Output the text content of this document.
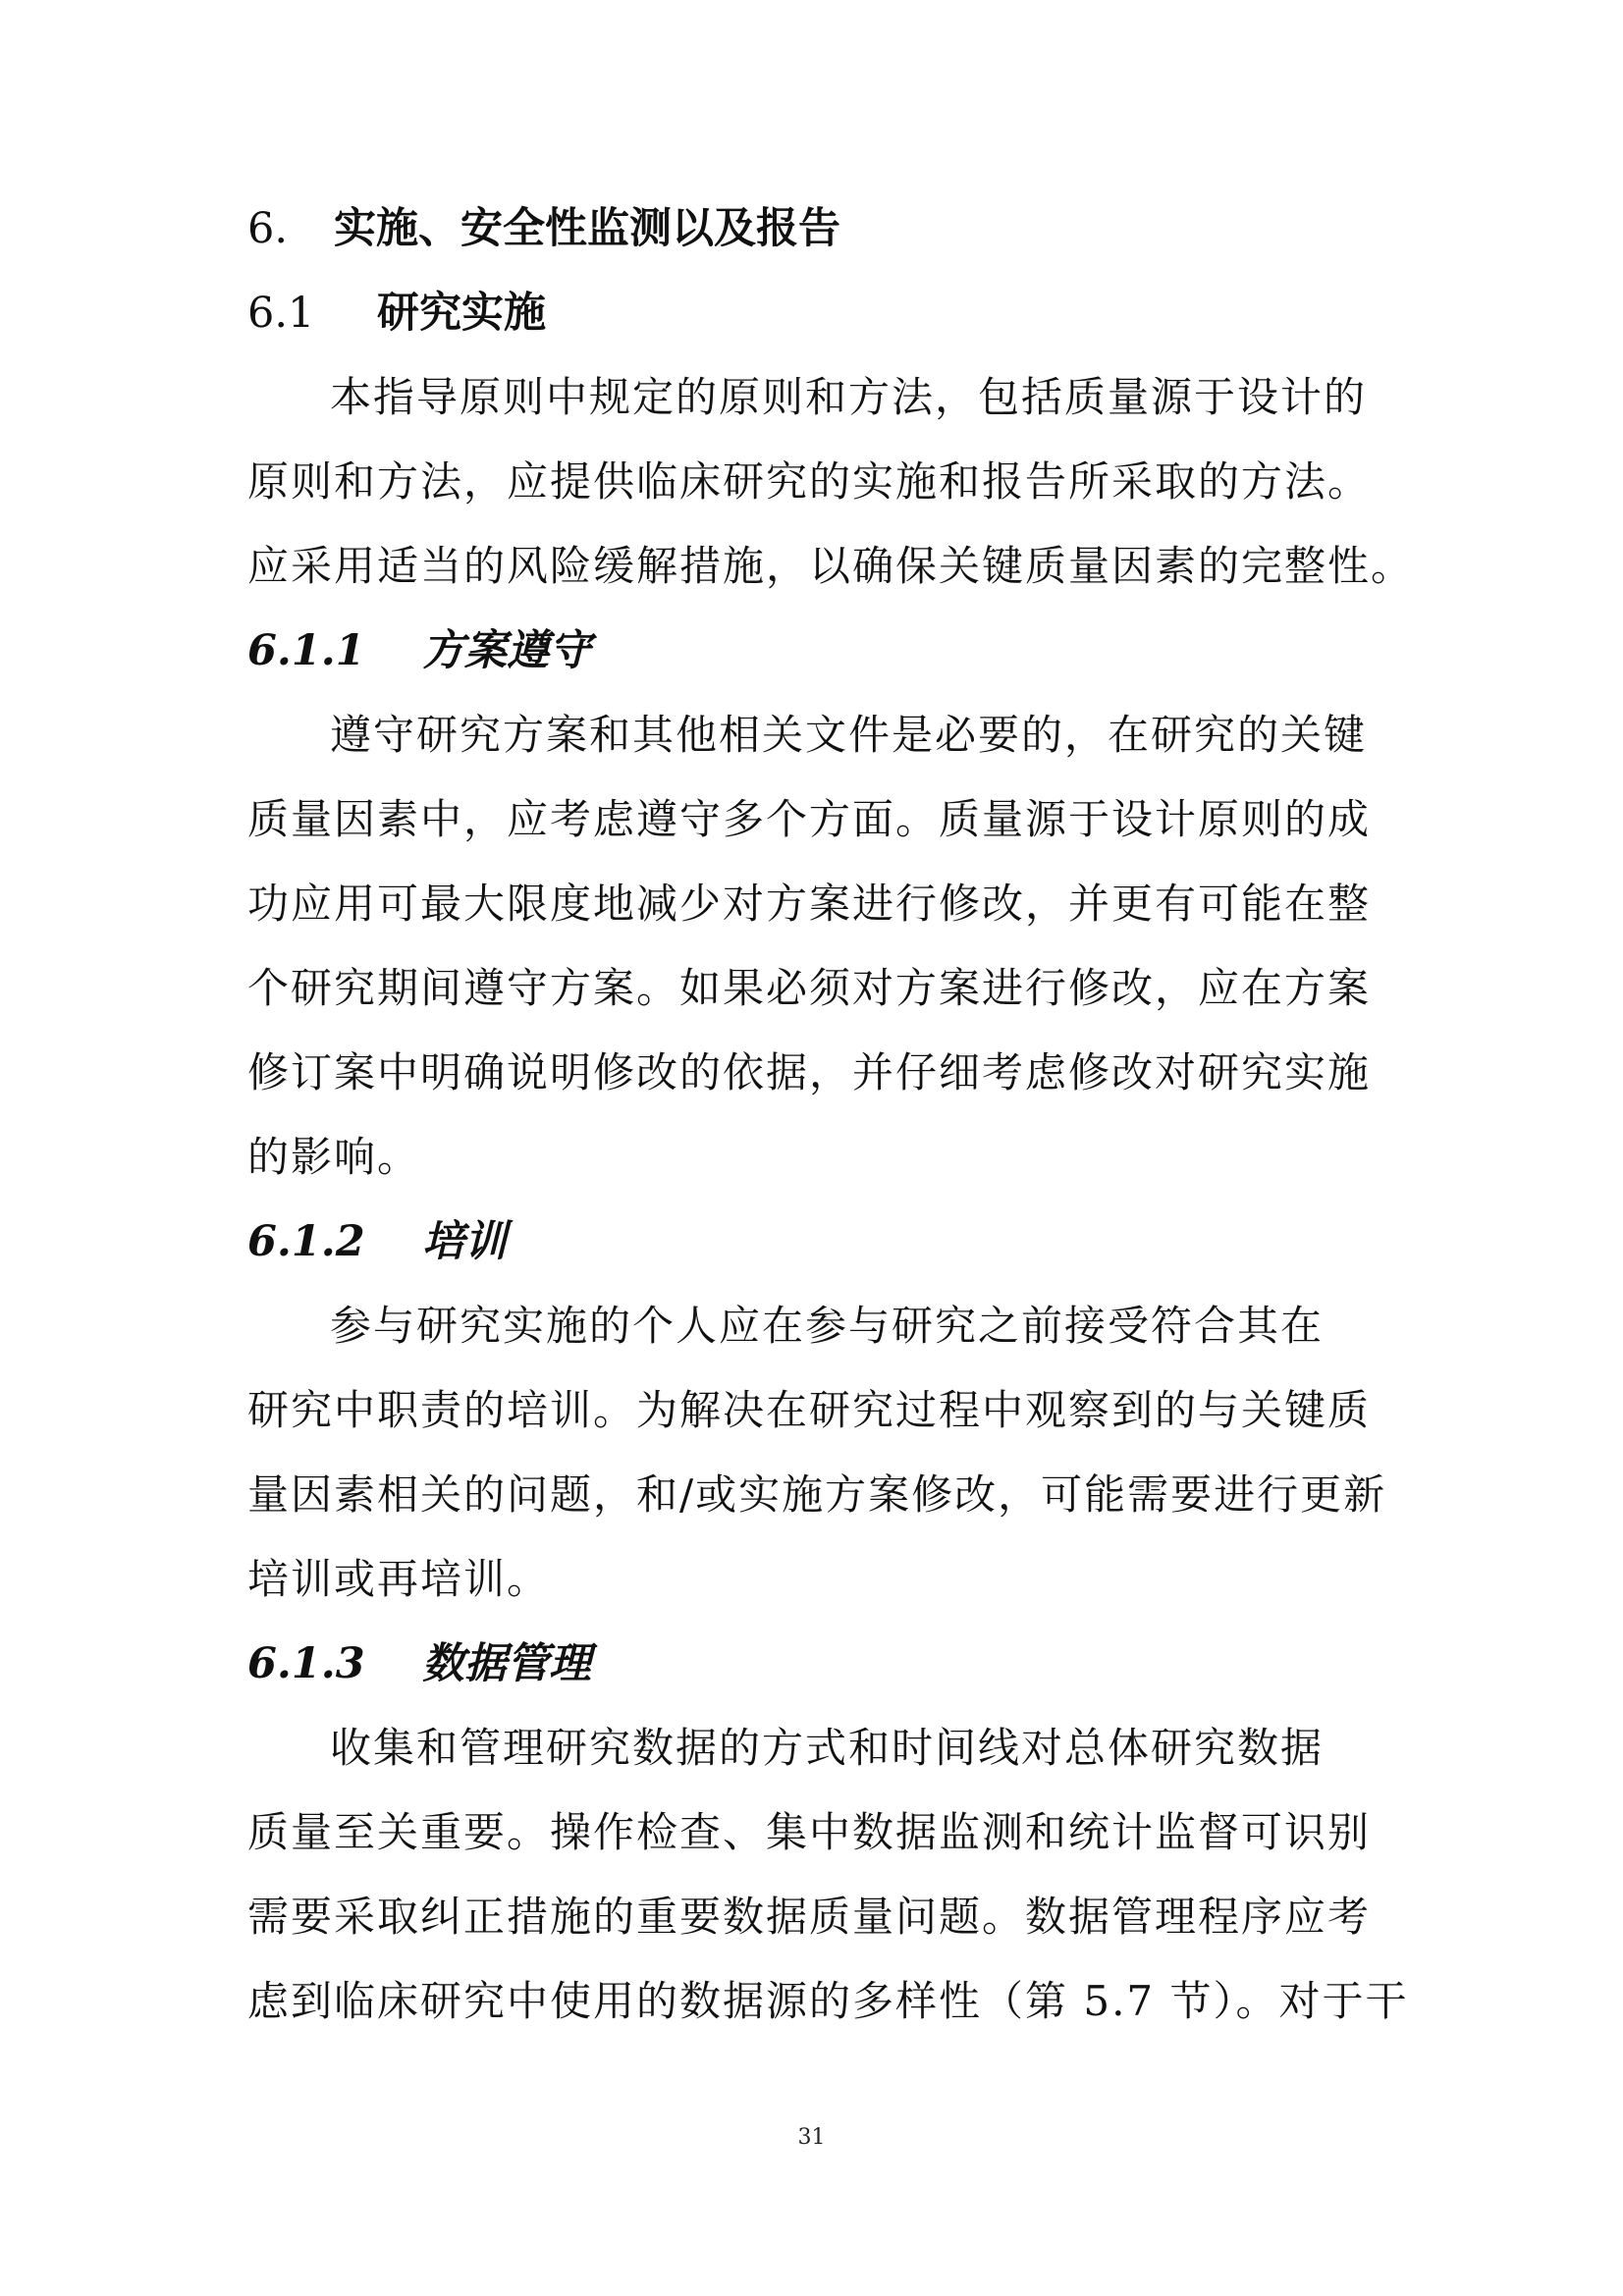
6. 实施、安全性监测以及报告
6.1 研究实施
本指导原则中规定的原则和方法，包括质量源于设计的
原则和方法，应提供临床研究的实施和报告所采取的方法。
应采用适当的风险缓解措施，以确保关键质量因素的完整性。
6.1.1 方案遵守
遵守研究方案和其他相关文件是必要的，在研究的关键
质量因素中，应考虑遵守多个方面。质量源于设计原则的成
功应用可最大限度地减少对方案进行修改，并更有可能在整
个研究期间遵守方案。如果必须对方案进行修改，应在方案
修订案中明确说明修改的依据，并仔细考虑修改对研究实施
的影响。
6.1.2 培训
参与研究实施的个人应在参与研究之前接受符合其在
研究中职责的培训。为解决在研究过程中观察到的与关键质
量因素相关的问题，和/或实施方案修改，可能需要进行更新
培训或再培训。
6.1.3 数据管理
收集和管理研究数据的方式和时间线对总体研究数据
质量至关重要。操作检查、集中数据监测和统计监督可识别
需要采取纠正措施的重要数据质量问题。数据管理程序应考
虑到临床研究中使用的数据源的多样性（第 5.7 节）。对于干
31
